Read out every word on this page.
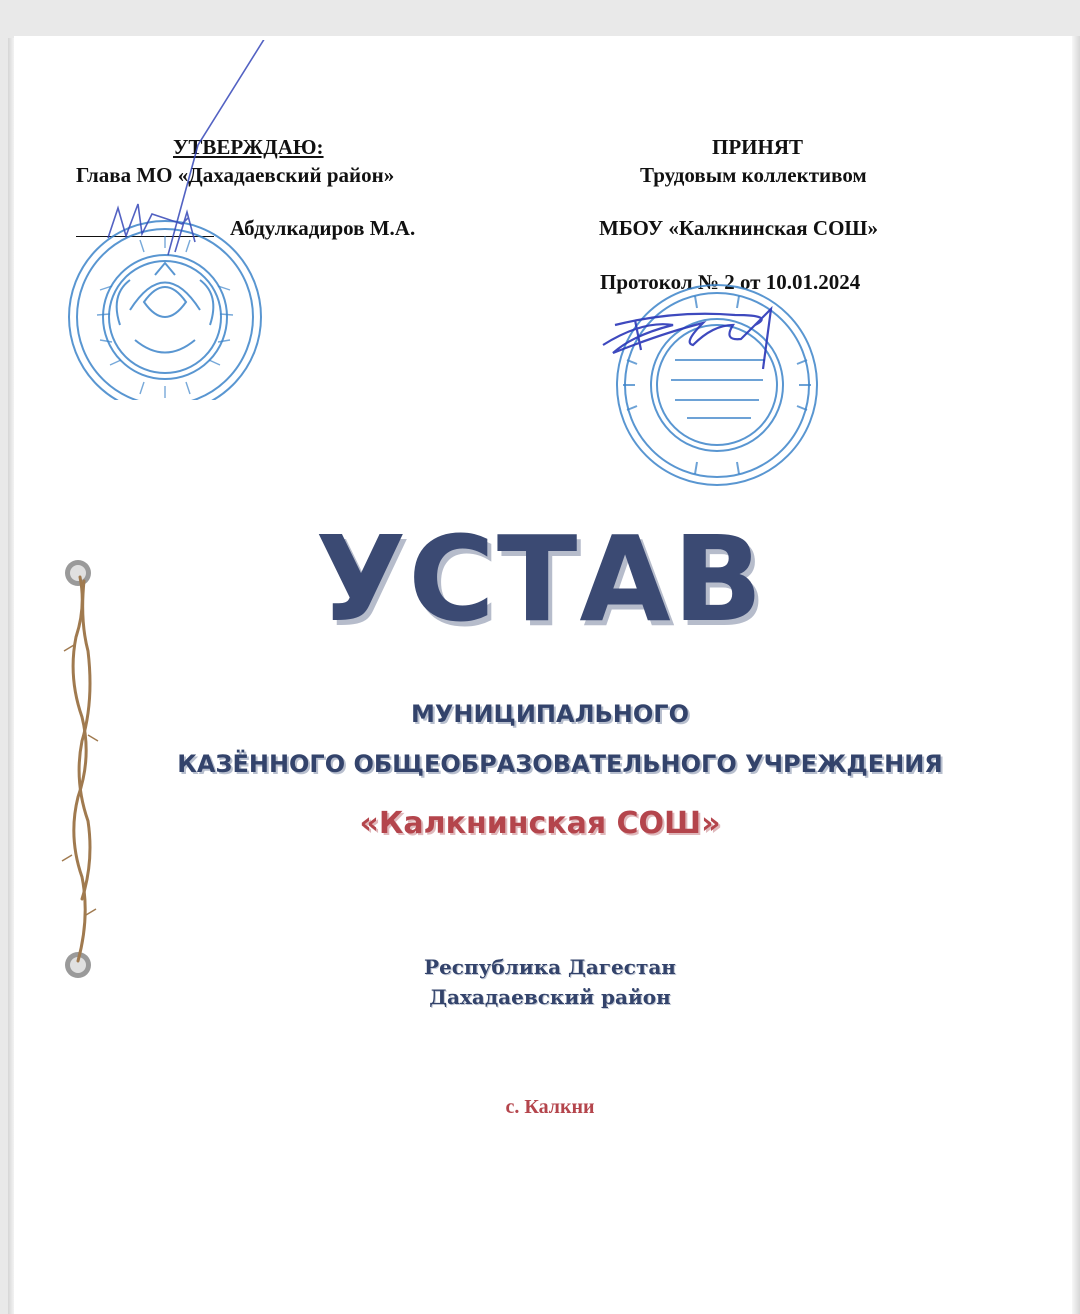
УТВЕРЖДАЮ:
Глава МО «Дахадаевский район»
Абдулкадиров М.А.
ПРИНЯТ
Трудовым коллективом
МБОУ «Калкнинская СОШ»
Протокол № 2 от 10.01.2024
УСТАВ
МУНИЦИПАЛЬНОГО
КАЗЁННОГО ОБЩЕОБРАЗОВАТЕЛЬНОГО УЧРЕЖДЕНИЯ
«Калкнинская СОШ»
Республика Дагестан
Дахадаевский район
с. Калкни
